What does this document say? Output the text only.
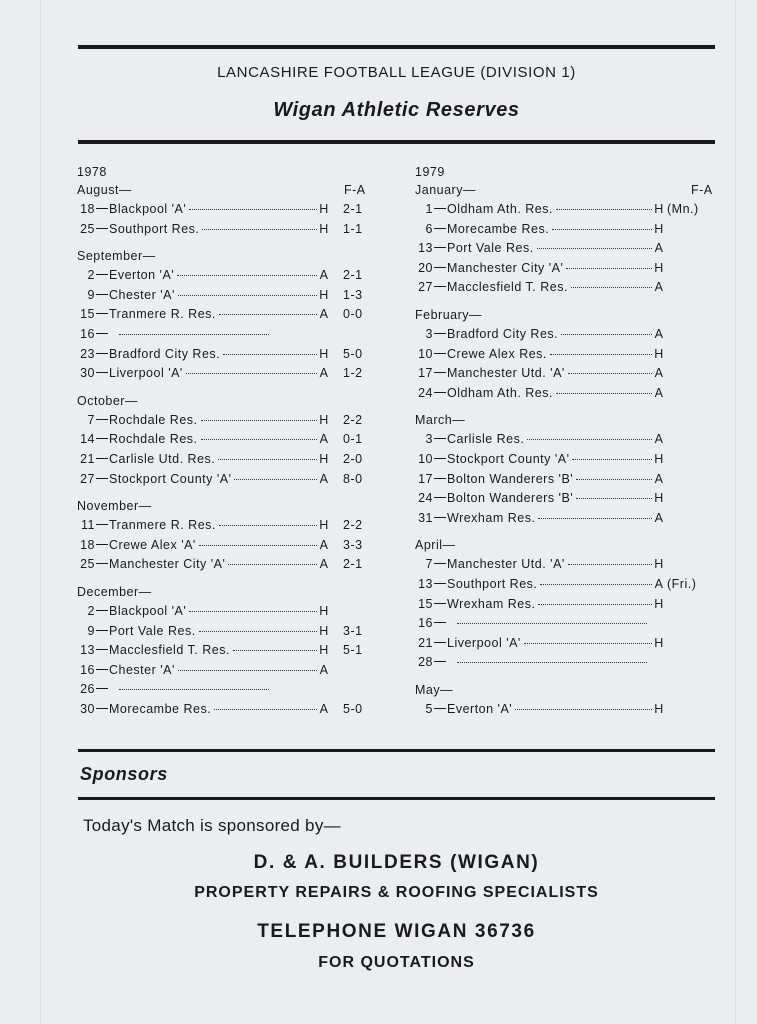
LANCASHIRE FOOTBALL LEAGUE (DIVISION 1)
Wigan Athletic Reserves
1978
August—	F-A
18 Blackpool 'A'	H	2-1
25 Southport Res.	H	1-1
September—
2 Everton 'A'	A	2-1
9 Chester 'A'	H	1-3
15 Tranmere R. Res.	A	0-0
16
23 Bradford City Res.	H	5-0
30 Liverpool 'A'	A	1-2
October—
7 Rochdale Res.	H	2-2
14 Rochdale Res.	A	0-1
21 Carlisle Utd. Res.	H	2-0
27 Stockport County 'A'	A	8-0
November—
11 Tranmere R. Res.	H	2-2
18 Crewe Alex 'A'	A	3-3
25 Manchester City 'A'	A	2-1
December—
2 Blackpool 'A'	H
9 Port Vale Res.	H	3-1
13 Macclesfield T. Res.	H	5-1
16 Chester 'A'	A
26
30 Morecambe Res.	A	5-0
1979
January—	F-A
1 Oldham Ath. Res.	H (Mn.)
6 Morecambe Res.	H
13 Port Vale Res.	A
20 Manchester City 'A'	H
27 Macclesfield T. Res.	A
February—
3 Bradford City Res.	A
10 Crewe Alex Res.	H
17 Manchester Utd. 'A'	A
24 Oldham Ath. Res.	A
March—
3 Carlisle Res.	A
10 Stockport County 'A'	H
17 Bolton Wanderers 'B'	A
24 Bolton Wanderers 'B'	H
31 Wrexham Res.	A
April—
7 Manchester Utd. 'A'	H
13 Southport Res.	A (Fri.)
15 Wrexham Res.	H
16
21 Liverpool 'A'	H
28
May—
5 Everton 'A'	H
Sponsors
Today's Match is sponsored by—
D. & A. BUILDERS (WIGAN)
PROPERTY REPAIRS & ROOFING SPECIALISTS
TELEPHONE WIGAN 36736
FOR QUOTATIONS
